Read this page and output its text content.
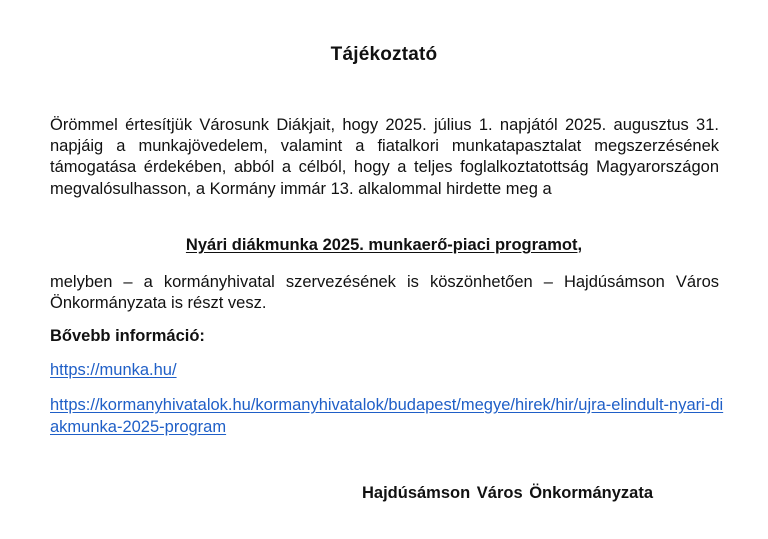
Tájékoztató
Örömmel értesítjük Városunk Diákjait, hogy 2025. július 1. napjától 2025. augusztus 31. napjáig a munkajövedelem, valamint a fiatalkori munkatapasztalat megszerzésének támogatása érdekében, abból a célból, hogy a teljes foglalkoztatottság Magyarországon megvalósulhasson, a Kormány immár 13. alkalommal hirdette meg a
Nyári diákmunka 2025. munkaerő-piaci programot,
melyben – a kormányhivatal szervezésének is köszönhetően – Hajdúsámson Város Önkormányzata is részt vesz.
Bővebb információ:
https://munka.hu/
https://kormanyhivatalok.hu/kormanyhivatalok/budapest/megye/hirek/hir/ujra-elindult-nyari-diakmunka-2025-program
Hajdúsámson Város Önkormányzata
